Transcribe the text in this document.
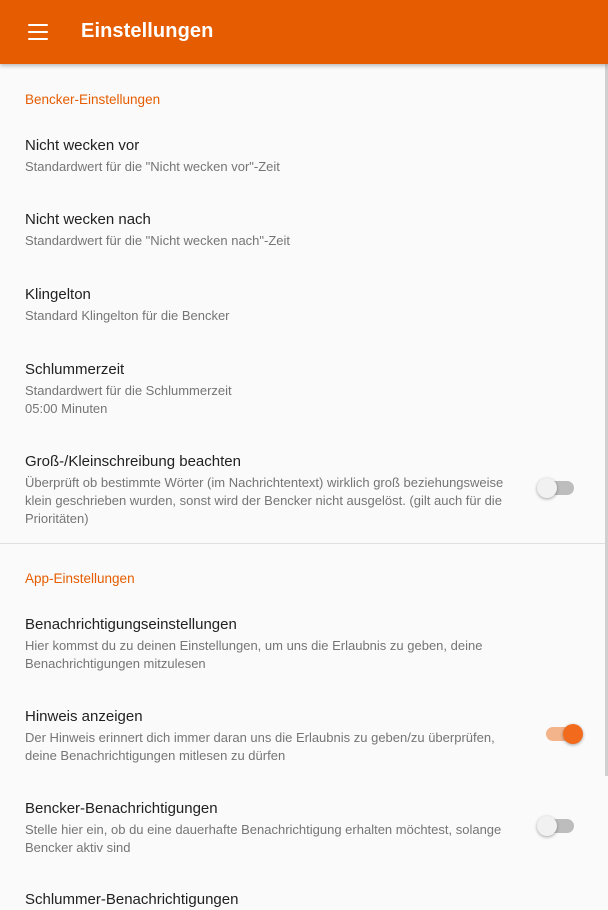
Einstellungen
Bencker-Einstellungen
Nicht wecken vor
Standardwert für die "Nicht wecken vor"-Zeit
Nicht wecken nach
Standardwert für die "Nicht wecken nach"-Zeit
Klingelton
Standard Klingelton für die Bencker
Schlummerzeit
Standardwert für die Schlummerzeit
05:00 Minuten
Groß-/Kleinschreibung beachten
Überprüft ob bestimmte Wörter (im Nachrichtentext) wirklich groß beziehungsweise klein geschrieben wurden, sonst wird der Bencker nicht ausgelöst. (gilt auch für die Prioritäten)
App-Einstellungen
Benachrichtigungseinstellungen
Hier kommst du zu deinen Einstellungen, um uns die Erlaubnis zu geben, deine Benachrichtigungen mitzulesen
Hinweis anzeigen
Der Hinweis erinnert dich immer daran uns die Erlaubnis zu geben/zu überprüfen, deine Benachrichtigungen mitlesen zu dürfen
Bencker-Benachrichtigungen
Stelle hier ein, ob du eine dauerhafte Benachrichtigung erhalten möchtest, solange Bencker aktiv sind
Schlummer-Benachrichtigungen
